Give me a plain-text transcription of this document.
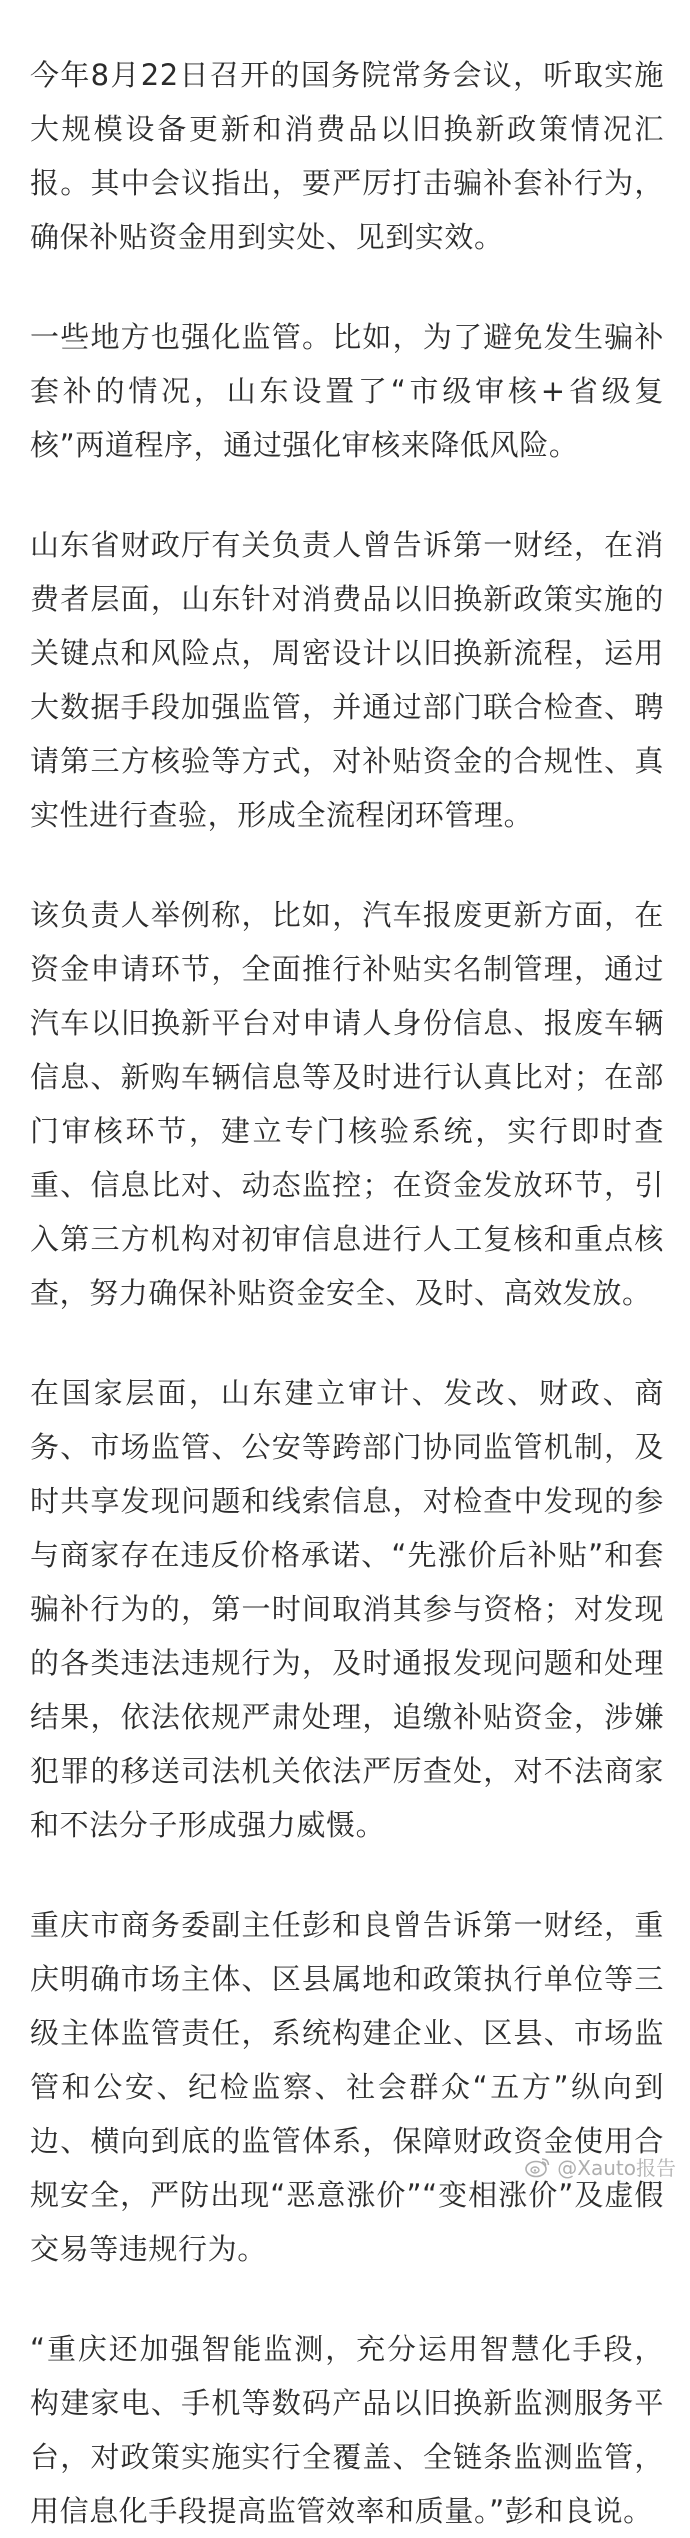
今年8月22日召开的国务院常务会议，听取实施大规模设备更新和消费品以旧换新政策情况汇报。其中会议指出，要严厉打击骗补套补行为，确保补贴资金用到实处、见到实效。

一些地方也强化监管。比如，为了避免发生骗补套补的情况，山东设置了“市级审核+省级复核”两道程序，通过强化审核来降低风险。

山东省财政厅有关负责人曾告诉第一财经，在消费者层面，山东针对消费品以旧换新政策实施的关键点和风险点，周密设计以旧换新流程，运用大数据手段加强监管，并通过部门联合检查、聘请第三方核验等方式，对补贴资金的合规性、真实性进行查验，形成全流程闭环管理。

该负责人举例称，比如，汽车报废更新方面，在资金申请环节，全面推行补贴实名制管理，通过汽车以旧换新平台对申请人身份信息、报废车辆信息、新购车辆信息等及时进行认真比对；在部门审核环节，建立专门核验系统，实行即时查重、信息比对、动态监控；在资金发放环节，引入第三方机构对初审信息进行人工复核和重点核查，努力确保补贴资金安全、及时、高效发放。

在国家层面，山东建立审计、发改、财政、商务、市场监管、公安等跨部门协同监管机制，及时共享发现问题和线索信息，对检查中发现的参与商家存在违反价格承诺、“先涨价后补贴”和套骗补行为的，第一时间取消其参与资格；对发现的各类违法违规行为，及时通报发现问题和处理结果，依法依规严肃处理，追缴补贴资金，涉嫌犯罪的移送司法机关依法严厉查处，对不法商家和不法分子形成强力威慑。

重庆市商务委副主任彭和良曾告诉第一财经，重庆明确市场主体、区县属地和政策执行单位等三级主体监管责任，系统构建企业、区县、市场监管和公安、纪检监察、社会群众“五方”纵向到边、横向到底的监管体系，保障财政资金使用合规安全，严防出现“恶意涨价”“变相涨价”及虚假交易等违规行为。

“重庆还加强智能监测，充分运用智慧化手段，构建家电、手机等数码产品以旧换新监测服务平台，对政策实施实行全覆盖、全链条监测监管，用信息化手段提高监管效率和质量。”彭和良说。

@Xauto报告
